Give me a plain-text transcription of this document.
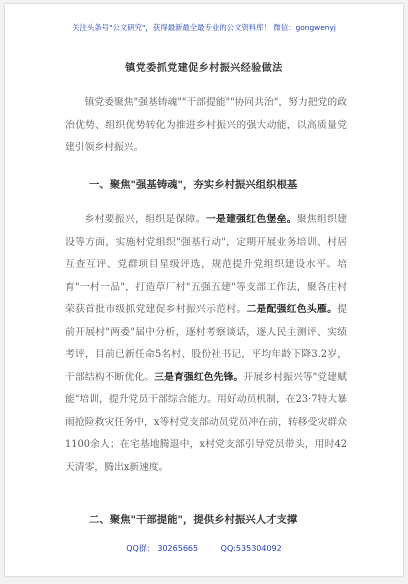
关注头条号"公文研究"，获得最新最全最专业的公文资料库！ 微信：gongwenyj
镇党委抓党建促乡村振兴经验做法

镇党委聚焦"强基铸魂""干部提能""协同共治"，努力把党的政治优势、组织优势转化为推进乡村振兴的强大动能，以高质量党建引领乡村振兴。

一、聚焦"强基铸魂"，夯实乡村振兴组织根基

乡村要振兴，组织是保障。一是建强红色堡垒。聚焦组织建设等方面，实施村党组织"强基行动"，定期开展业务培训、村居互查互评、党群项目星级评选，规范提升党组织建设水平。培育"一村一品"，打造草厂村"五强五建"等支部工作法，聚各庄村荣获首批市级抓党建促乡村振兴示范村。二是配强红色头雁。提前开展村"两委"届中分析，逐村考察谈话，逐人民主测评、实绩考评，目前已新任命5名村、股份社书记，平均年龄下降3.2岁，干部结构不断优化。三是育强红色先锋。开展乡村振兴等"党建赋能"培训，提升党员干部综合能力。用好动员机制，在23·7特大暴雨抢险救灾任务中，x等村党支部动员党员冲在前，转移受灾群众1100余人；在宅基地腾退中，x村党支部引导党员带头，用时42天清零，腾出x新速度。

二、聚焦"干部提能"，提供乡村振兴人才支撑

QQ群： 30265665	QQ:535304092
